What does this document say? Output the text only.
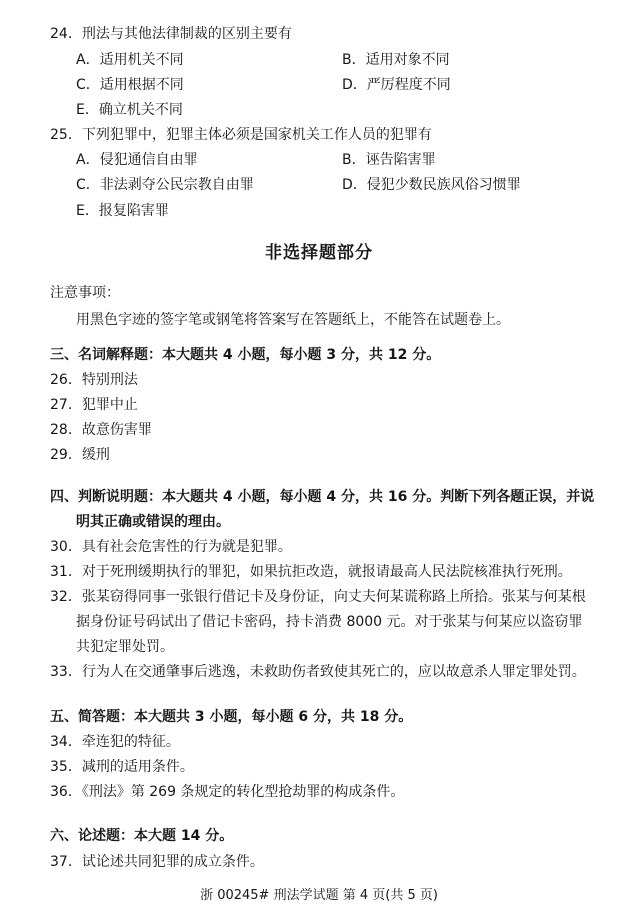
24．刑法与其他法律制裁的区别主要有
A．适用机关不同	B．适用对象不同
C．适用根据不同	D．严厉程度不同
E．确立机关不同
25．下列犯罪中，犯罪主体必须是国家机关工作人员的犯罪有
A．侵犯通信自由罪	B．诬告陷害罪
C．非法剥夺公民宗教自由罪	D．侵犯少数民族风俗习惯罪
E．报复陷害罪
非选择题部分
注意事项：
用黑色字迹的签字笔或钢笔将答案写在答题纸上，不能答在试题卷上。
三、名词解释题：本大题共 4 小题，每小题 3 分，共 12 分。
26．特别刑法
27．犯罪中止
28．故意伤害罪
29．缓刑
四、判断说明题：本大题共 4 小题，每小题 4 分，共 16 分。判断下列各题正误，并说
明其正确或错误的理由。
30．具有社会危害性的行为就是犯罪。
31．对于死刑缓期执行的罪犯，如果抗拒改造，就报请最高人民法院核准执行死刑。
32．张某窃得同事一张银行借记卡及身份证，向丈夫何某谎称路上所拾。张某与何某根
据身份证号码试出了借记卡密码，持卡消费 8000 元。对于张某与何某应以盗窃罪
共犯定罪处罚。
33．行为人在交通肇事后逃逸，未救助伤者致使其死亡的，应以故意杀人罪定罪处罚。
五、简答题：本大题共 3 小题，每小题 6 分，共 18 分。
34．牵连犯的特征。
35．减刑的适用条件。
36．《刑法》第 269 条规定的转化型抢劫罪的构成条件。
六、论述题：本大题 14 分。
37．试论述共同犯罪的成立条件。
浙 00245# 刑法学试题 第 4 页(共 5 页)
